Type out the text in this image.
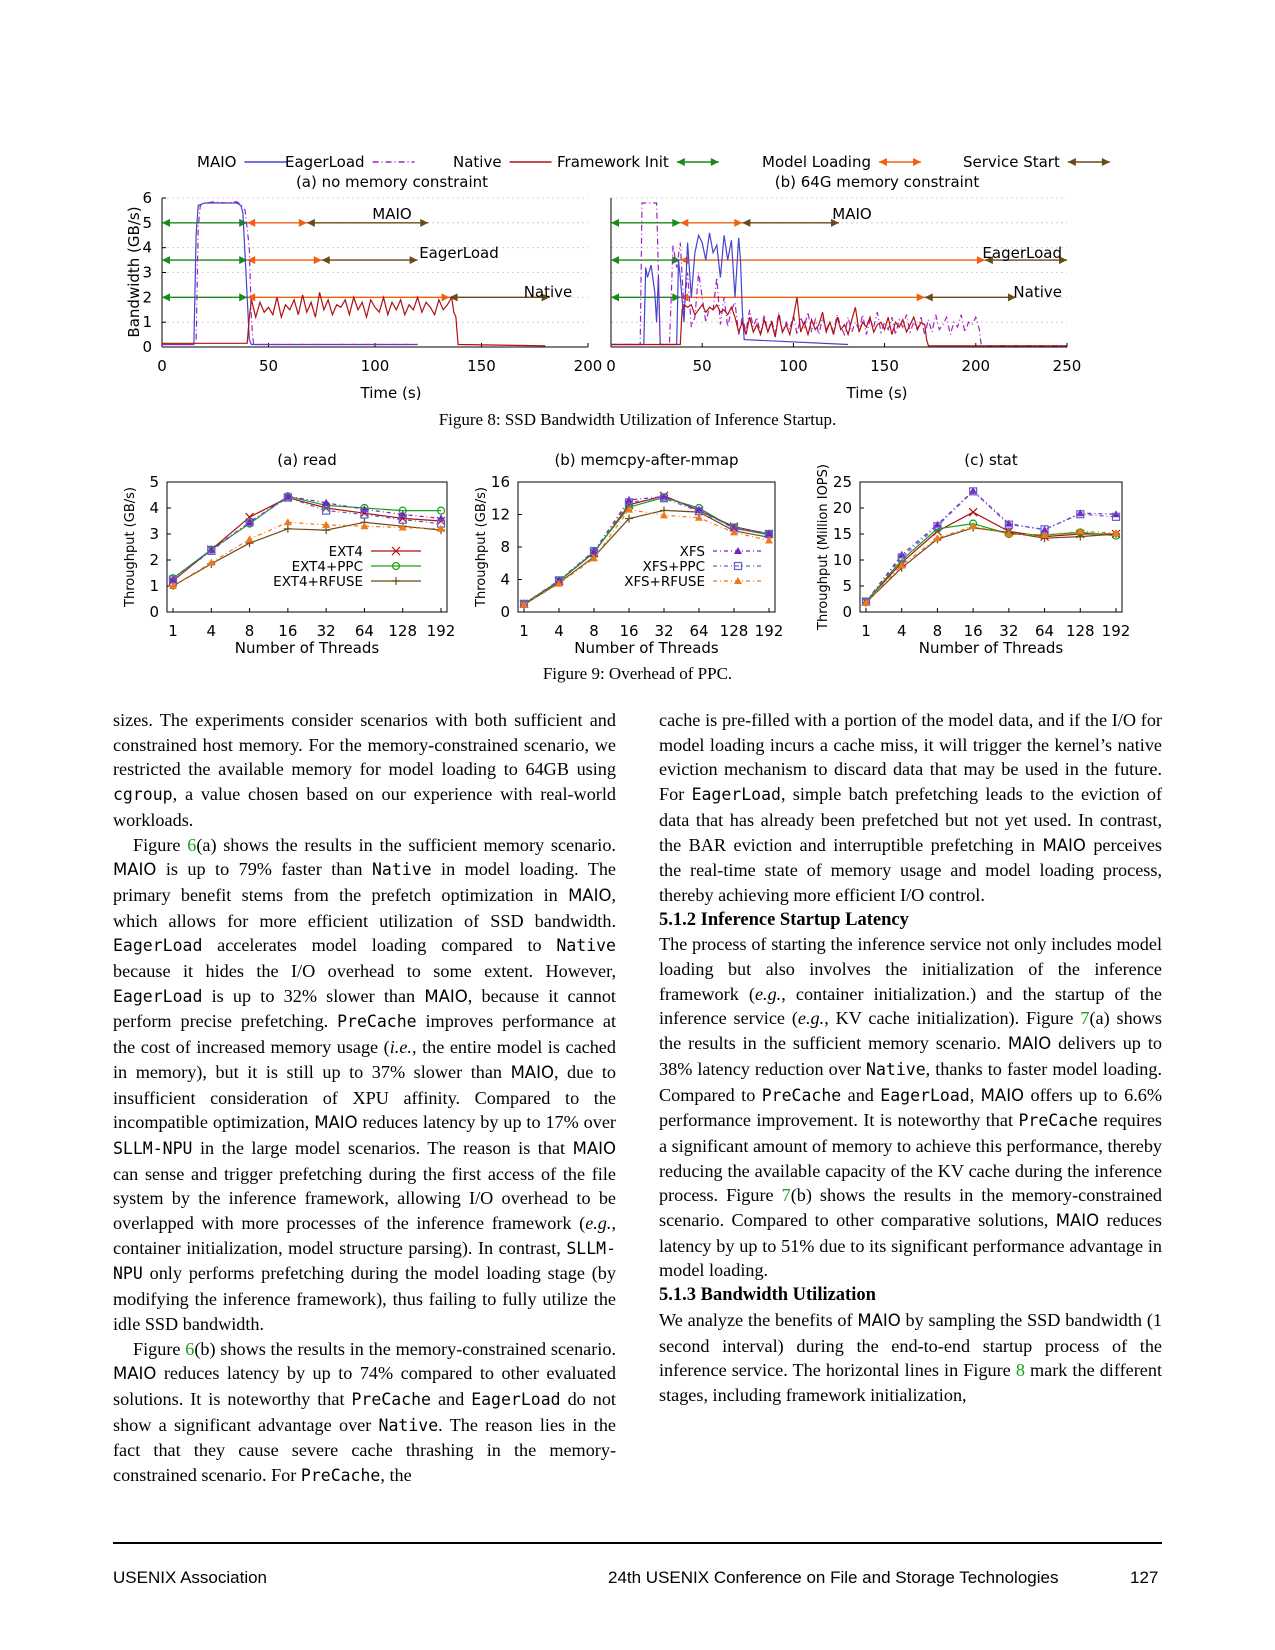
MAIO	EagerLoad	Native	Framework Init	Model Loading	Service Start
0	50	100	150	200
0
1
2
3
4
5
6
0	50	100	150	200	250
(a) no memory constraint	(b) 64G memory constraint
Bandwidth (GB/s)
Time (s)	Time (s)
MAIO
EagerLoad
Native
MAIO
EagerLoad
Native
1 4 8 16 32 64 128 192
0
1
2
3
4
5
(a) read
Number of Threads
Throughput (GB/s)	EXT4
EXT4+PPC
EXT4+RFUSE
1 4 8 16 32 64 128 192
0
4
8
12
16
(b) memcpy-after-mmap
Number of Threads
Throughput (GB/s)	XFS
XFS+PPC
XFS+RFUSE
1 4 8 16 32 64 128 192
0
5
10
15
20
25
(c) stat
Number of Threads
Throughput (Million IOPS)
Figure 8: SSD Bandwidth Utilization of Inference Startup.
Figure 9: Overhead of PPC.

sizes. The experiments consider scenarios with both sufficient and constrained host memory. For the memory-constrained scenario, we restricted the available memory for model loading to 64GB using cgroup, a value chosen based on our experience with real-world workloads.

Figure 6(a) shows the results in the sufficient memory scenario. MAIO is up to 79% faster than Native in model loading. The primary benefit stems from the prefetch optimization in MAIO, which allows for more efficient utilization of SSD bandwidth. EagerLoad accelerates model loading compared to Native because it hides the I/O overhead to some extent. However, EagerLoad is up to 32% slower than MAIO, because it cannot perform precise prefetching. PreCache improves performance at the cost of increased memory usage (i.e., the entire model is cached in memory), but it is still up to 37% slower than MAIO, due to insufficient consideration of XPU affinity. Compared to the incompatible optimization, MAIO reduces latency by up to 17% over SLLM-NPU in the large model scenarios. The reason is that MAIO can sense and trigger prefetching during the first access of the file system by the inference framework, allowing I/O overhead to be overlapped with more processes of the inference framework (e.g., container initialization, model structure parsing). In contrast, SLLM-NPU only performs prefetching during the model loading stage (by modifying the inference framework), thus failing to fully utilize the idle SSD bandwidth.

Figure 6(b) shows the results in the memory-constrained scenario. MAIO reduces latency by up to 74% compared to other evaluated solutions. It is noteworthy that PreCache and EagerLoad do not show a significant advantage over Native. The reason lies in the fact that they cause severe cache thrashing in the memory-constrained scenario. For PreCache, the

cache is pre-filled with a portion of the model data, and if the I/O for model loading incurs a cache miss, it will trigger the kernel’s native eviction mechanism to discard data that may be used in the future. For EagerLoad, simple batch prefetching leads to the eviction of data that has already been prefetched but not yet used. In contrast, the BAR eviction and interruptible prefetching in MAIO perceives the real-time state of memory usage and model loading process, thereby achieving more efficient I/O control.

5.1.2 Inference Startup Latency

The process of starting the inference service not only includes model loading but also involves the initialization of the inference framework (e.g., container initialization.) and the startup of the inference service (e.g., KV cache initialization). Figure 7(a) shows the results in the sufficient memory scenario. MAIO delivers up to 38% latency reduction over Native, thanks to faster model loading. Compared to PreCache and EagerLoad, MAIO offers up to 6.6% performance improvement. It is noteworthy that PreCache requires a significant amount of memory to achieve this performance, thereby reducing the available capacity of the KV cache during the inference process. Figure 7(b) shows the results in the memory-constrained scenario. Compared to other comparative solutions, MAIO reduces latency by up to 51% due to its significant performance advantage in model loading.

5.1.3 Bandwidth Utilization

We analyze the benefits of MAIO by sampling the SSD bandwidth (1 second interval) during the end-to-end startup process of the inference service. The horizontal lines in Figure 8 mark the different stages, including framework initialization,

USENIX Association	24th USENIX Conference on File and Storage Technologies	127
